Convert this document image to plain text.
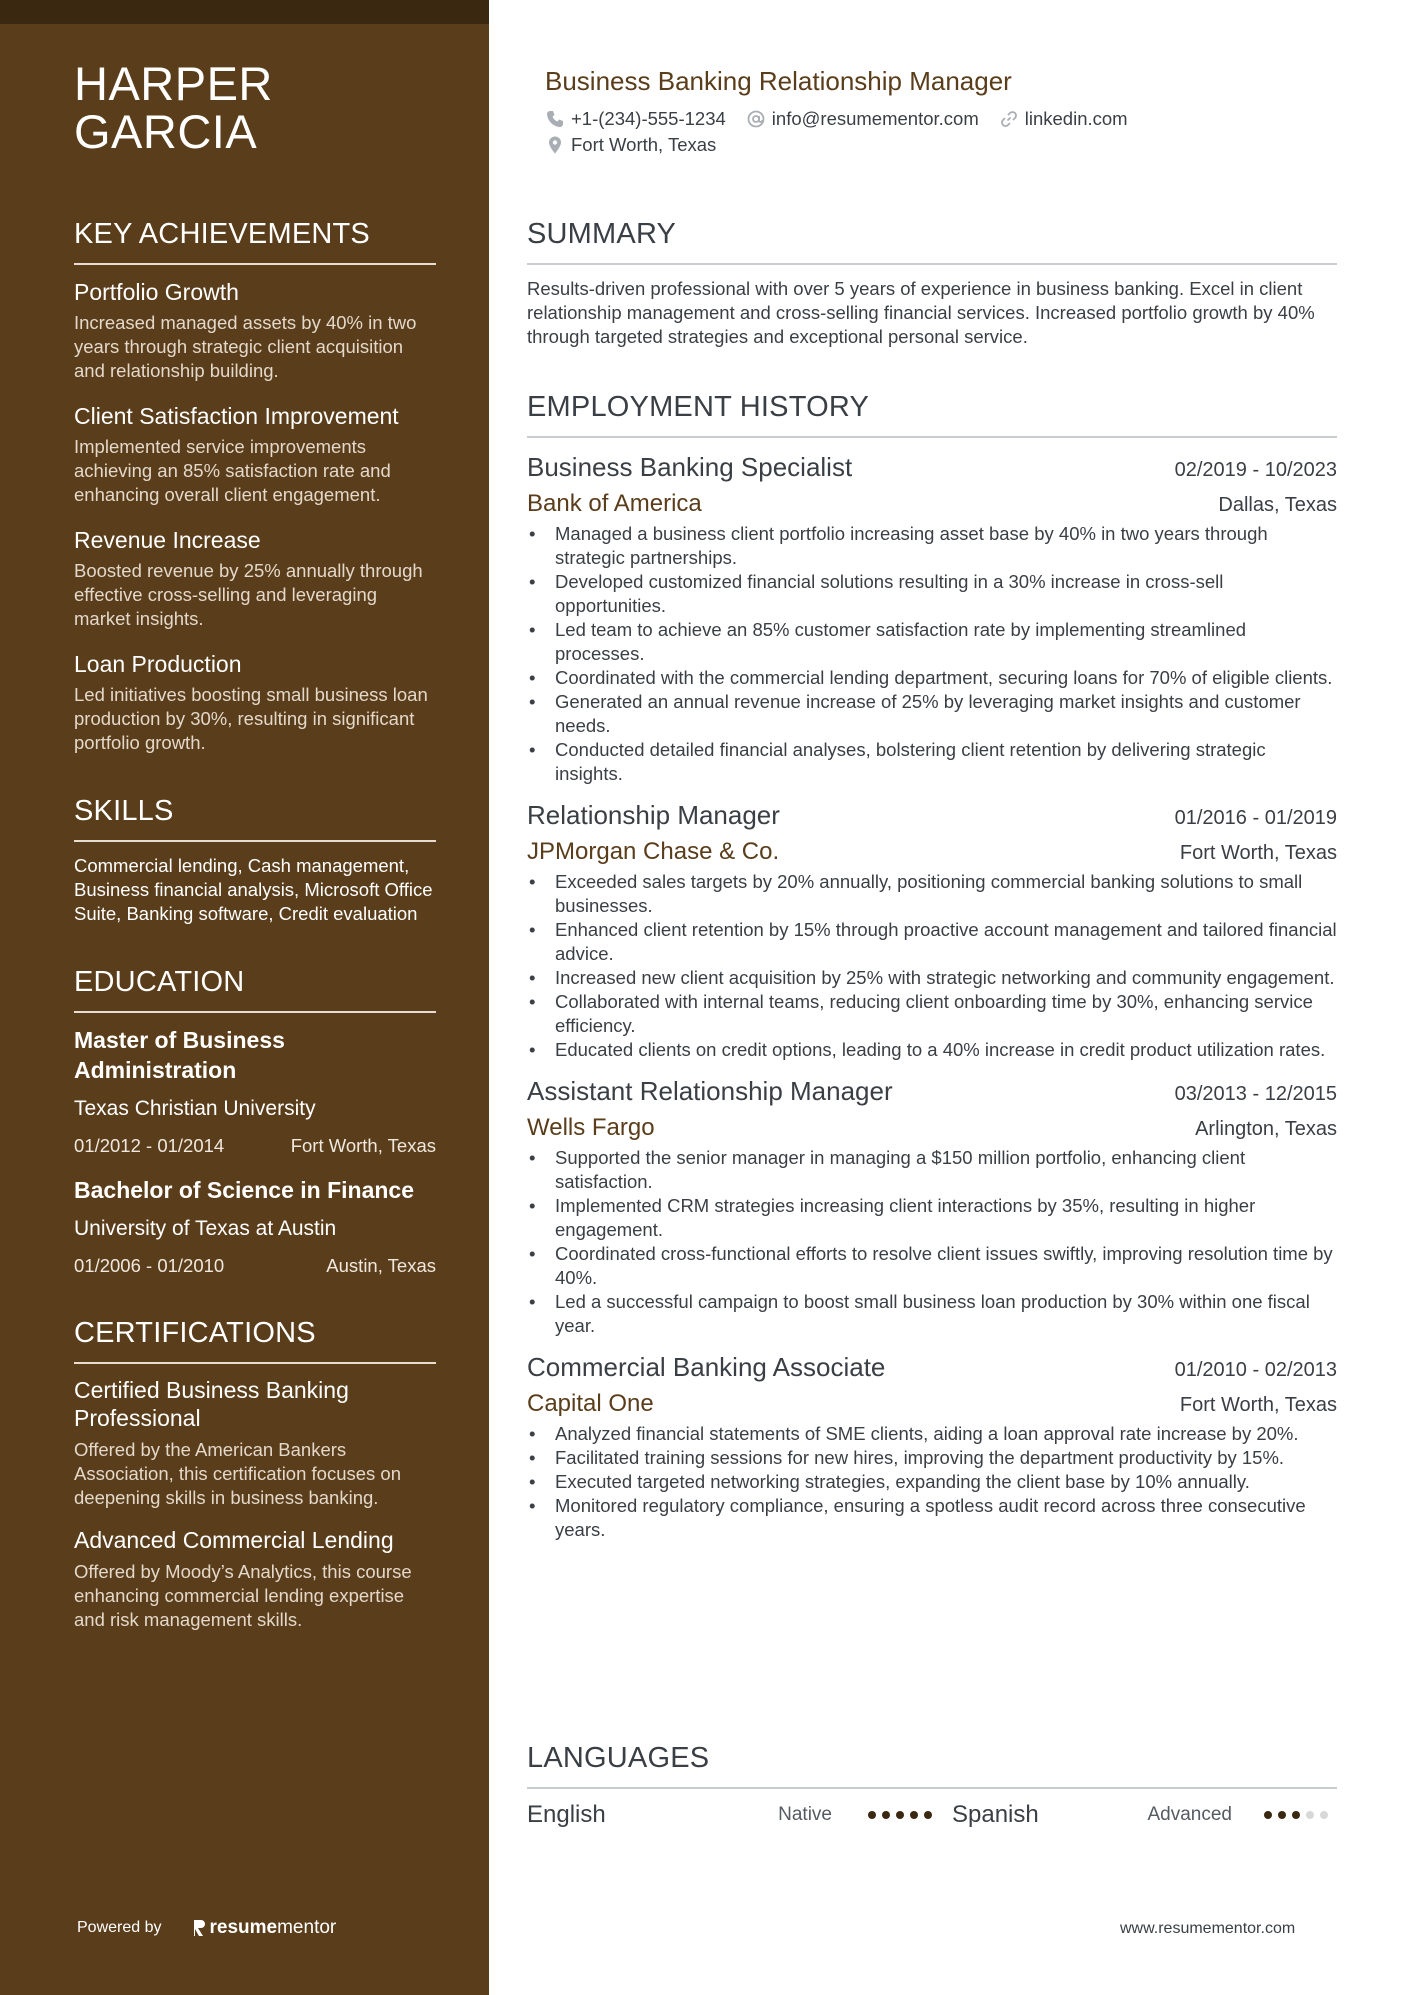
HARPER
GARCIA
KEY ACHIEVEMENTS
Portfolio Growth
Increased managed assets by 40% in two years through strategic client acquisition and relationship building.
Client Satisfaction Improvement
Implemented service improvements achieving an 85% satisfaction rate and enhancing overall client engagement.
Revenue Increase
Boosted revenue by 25% annually through effective cross-selling and leveraging market insights.
Loan Production
Led initiatives boosting small business loan production by 30%, resulting in significant portfolio growth.
SKILLS
Commercial lending, Cash management, Business financial analysis, Microsoft Office Suite, Banking software, Credit evaluation
EDUCATION
Master of Business Administration
Texas Christian University
01/2012 - 01/2014	Fort Worth, Texas
Bachelor of Science in Finance
University of Texas at Austin
01/2006 - 01/2010	Austin, Texas
CERTIFICATIONS
Certified Business Banking Professional
Offered by the American Bankers Association, this certification focuses on deepening skills in business banking.
Advanced Commercial Lending
Offered by Moody’s Analytics, this course enhancing commercial lending expertise and risk management skills.
Powered by	resume mentor
Business Banking Relationship Manager
+1-(234)-555-1234 info@resumementor.com linkedin.com
Fort Worth, Texas
SUMMARY
Results-driven professional with over 5 years of experience in business banking. Excel in client relationship management and cross-selling financial services. Increased portfolio growth by 40% through targeted strategies and exceptional personal service.
EMPLOYMENT HISTORY
Business Banking Specialist	02/2019 - 10/2023
Bank of America	Dallas, Texas
• Managed a business client portfolio increasing asset base by 40% in two years through strategic partnerships.
• Developed customized financial solutions resulting in a 30% increase in cross-sell opportunities.
• Led team to achieve an 85% customer satisfaction rate by implementing streamlined processes.
• Coordinated with the commercial lending department, securing loans for 70% of eligible clients.
• Generated an annual revenue increase of 25% by leveraging market insights and customer needs.
• Conducted detailed financial analyses, bolstering client retention by delivering strategic insights.
Relationship Manager	01/2016 - 01/2019
JPMorgan Chase & Co.	Fort Worth, Texas
• Exceeded sales targets by 20% annually, positioning commercial banking solutions to small businesses.
• Enhanced client retention by 15% through proactive account management and tailored financial advice.
• Increased new client acquisition by 25% with strategic networking and community engagement.
• Collaborated with internal teams, reducing client onboarding time by 30%, enhancing service efficiency.
• Educated clients on credit options, leading to a 40% increase in credit product utilization rates.
Assistant Relationship Manager	03/2013 - 12/2015
Wells Fargo	Arlington, Texas
• Supported the senior manager in managing a $150 million portfolio, enhancing client satisfaction.
• Implemented CRM strategies increasing client interactions by 35%, resulting in higher engagement.
• Coordinated cross-functional efforts to resolve client issues swiftly, improving resolution time by 40%.
• Led a successful campaign to boost small business loan production by 30% within one fiscal year.
Commercial Banking Associate	01/2010 - 02/2013
Capital One	Fort Worth, Texas
• Analyzed financial statements of SME clients, aiding a loan approval rate increase by 20%.
• Facilitated training sessions for new hires, improving the department productivity by 15%.
• Executed targeted networking strategies, expanding the client base by 10% annually.
• Monitored regulatory compliance, ensuring a spotless audit record across three consecutive years.
LANGUAGES
English	Native	Spanish	Advanced
www.resumementor.com
